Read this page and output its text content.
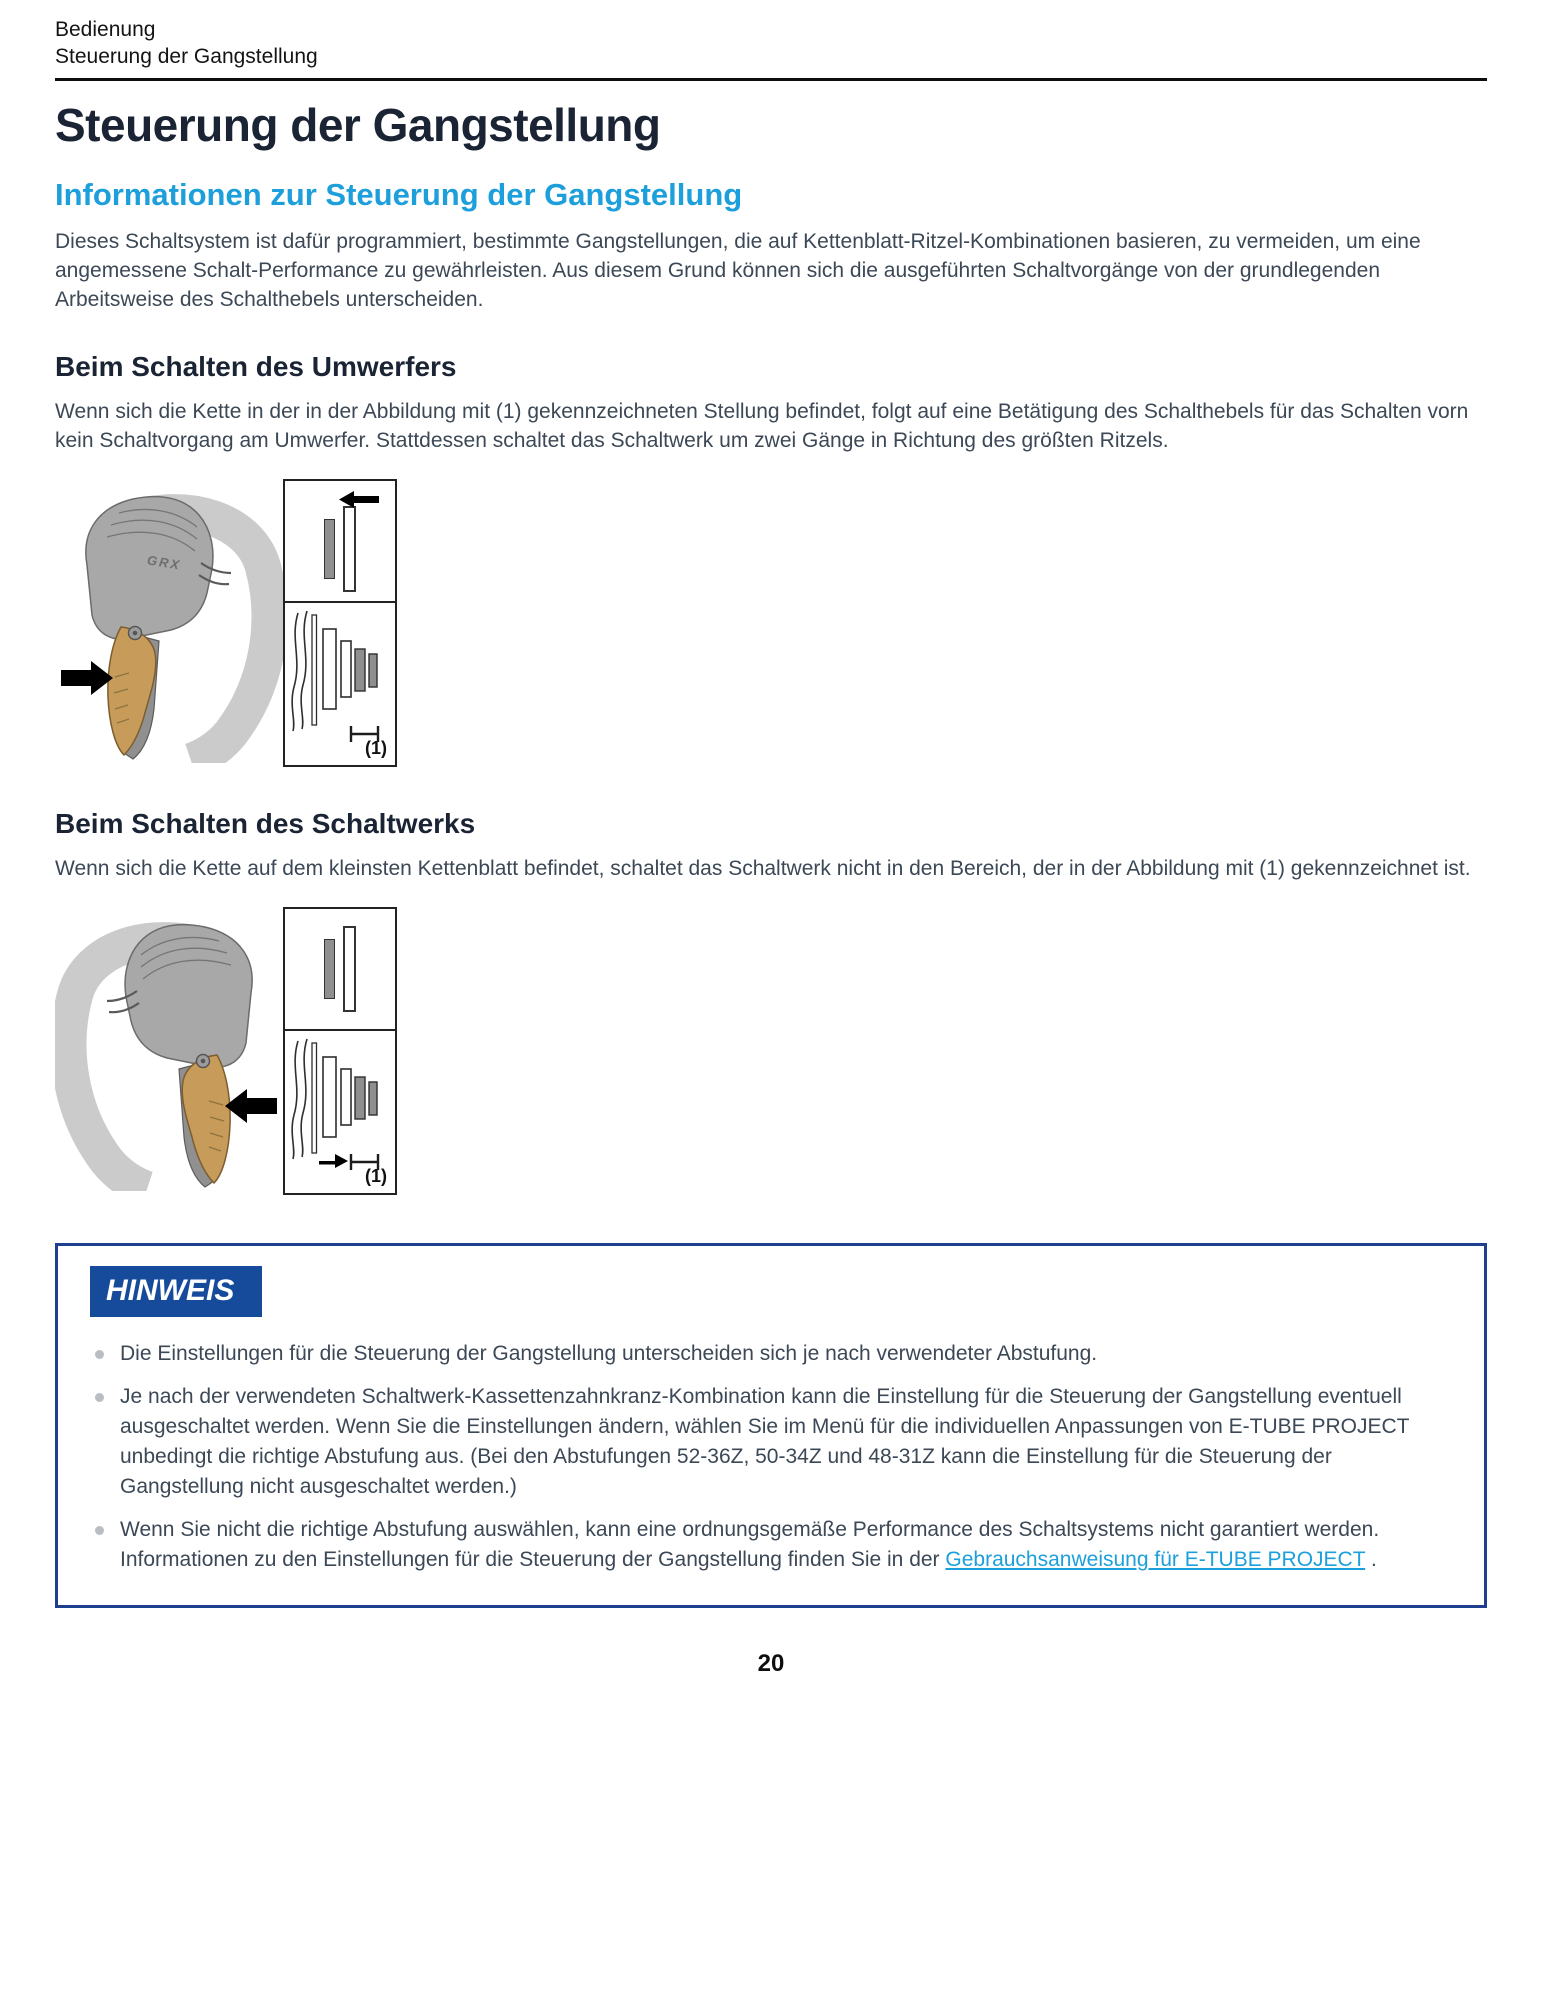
Bedienung
Steuerung der Gangstellung
Steuerung der Gangstellung
Informationen zur Steuerung der Gangstellung

Dieses Schaltsystem ist dafür programmiert, bestimmte Gangstellungen, die auf Kettenblatt-Ritzel-Kombinationen basieren, zu vermeiden, um eine angemessene Schalt-Performance zu gewährleisten. Aus diesem Grund können sich die ausgeführten Schaltvorgänge von der grundlegenden Arbeitsweise des Schalthebels unterscheiden.

Beim Schalten des Umwerfers

Wenn sich die Kette in der in der Abbildung mit (1) gekennzeichneten Stellung befindet, folgt auf eine Betätigung des Schalthebels für das Schalten vorn kein Schaltvorgang am Umwerfer. Stattdessen schaltet das Schaltwerk um zwei Gänge in Richtung des größten Ritzels.

GRX
(1)
Beim Schalten des Schaltwerks

Wenn sich die Kette auf dem kleinsten Kettenblatt befindet, schaltet das Schaltwerk nicht in den Bereich, der in der Abbildung mit (1) gekennzeichnet ist.

(1)
HINWEIS
Die Einstellungen für die Steuerung der Gangstellung unterscheiden sich je nach verwendeter Abstufung.
Je nach der verwendeten Schaltwerk-Kassettenzahnkranz-Kombination kann die Einstellung für die Steuerung der Gangstellung eventuell ausgeschaltet werden. Wenn Sie die Einstellungen ändern, wählen Sie im Menü für die individuellen Anpassungen von E-TUBE PROJECT unbedingt die richtige Abstufung aus. (Bei den Abstufungen 52-36Z, 50-34Z und 48-31Z kann die Einstellung für die Steuerung der Gangstellung nicht ausgeschaltet werden.)
Wenn Sie nicht die richtige Abstufung auswählen, kann eine ordnungsgemäße Performance des Schaltsystems nicht garantiert werden. Informationen zu den Einstellungen für die Steuerung der Gangstellung finden Sie in der Gebrauchsanweisung für E-TUBE PROJECT .
20
